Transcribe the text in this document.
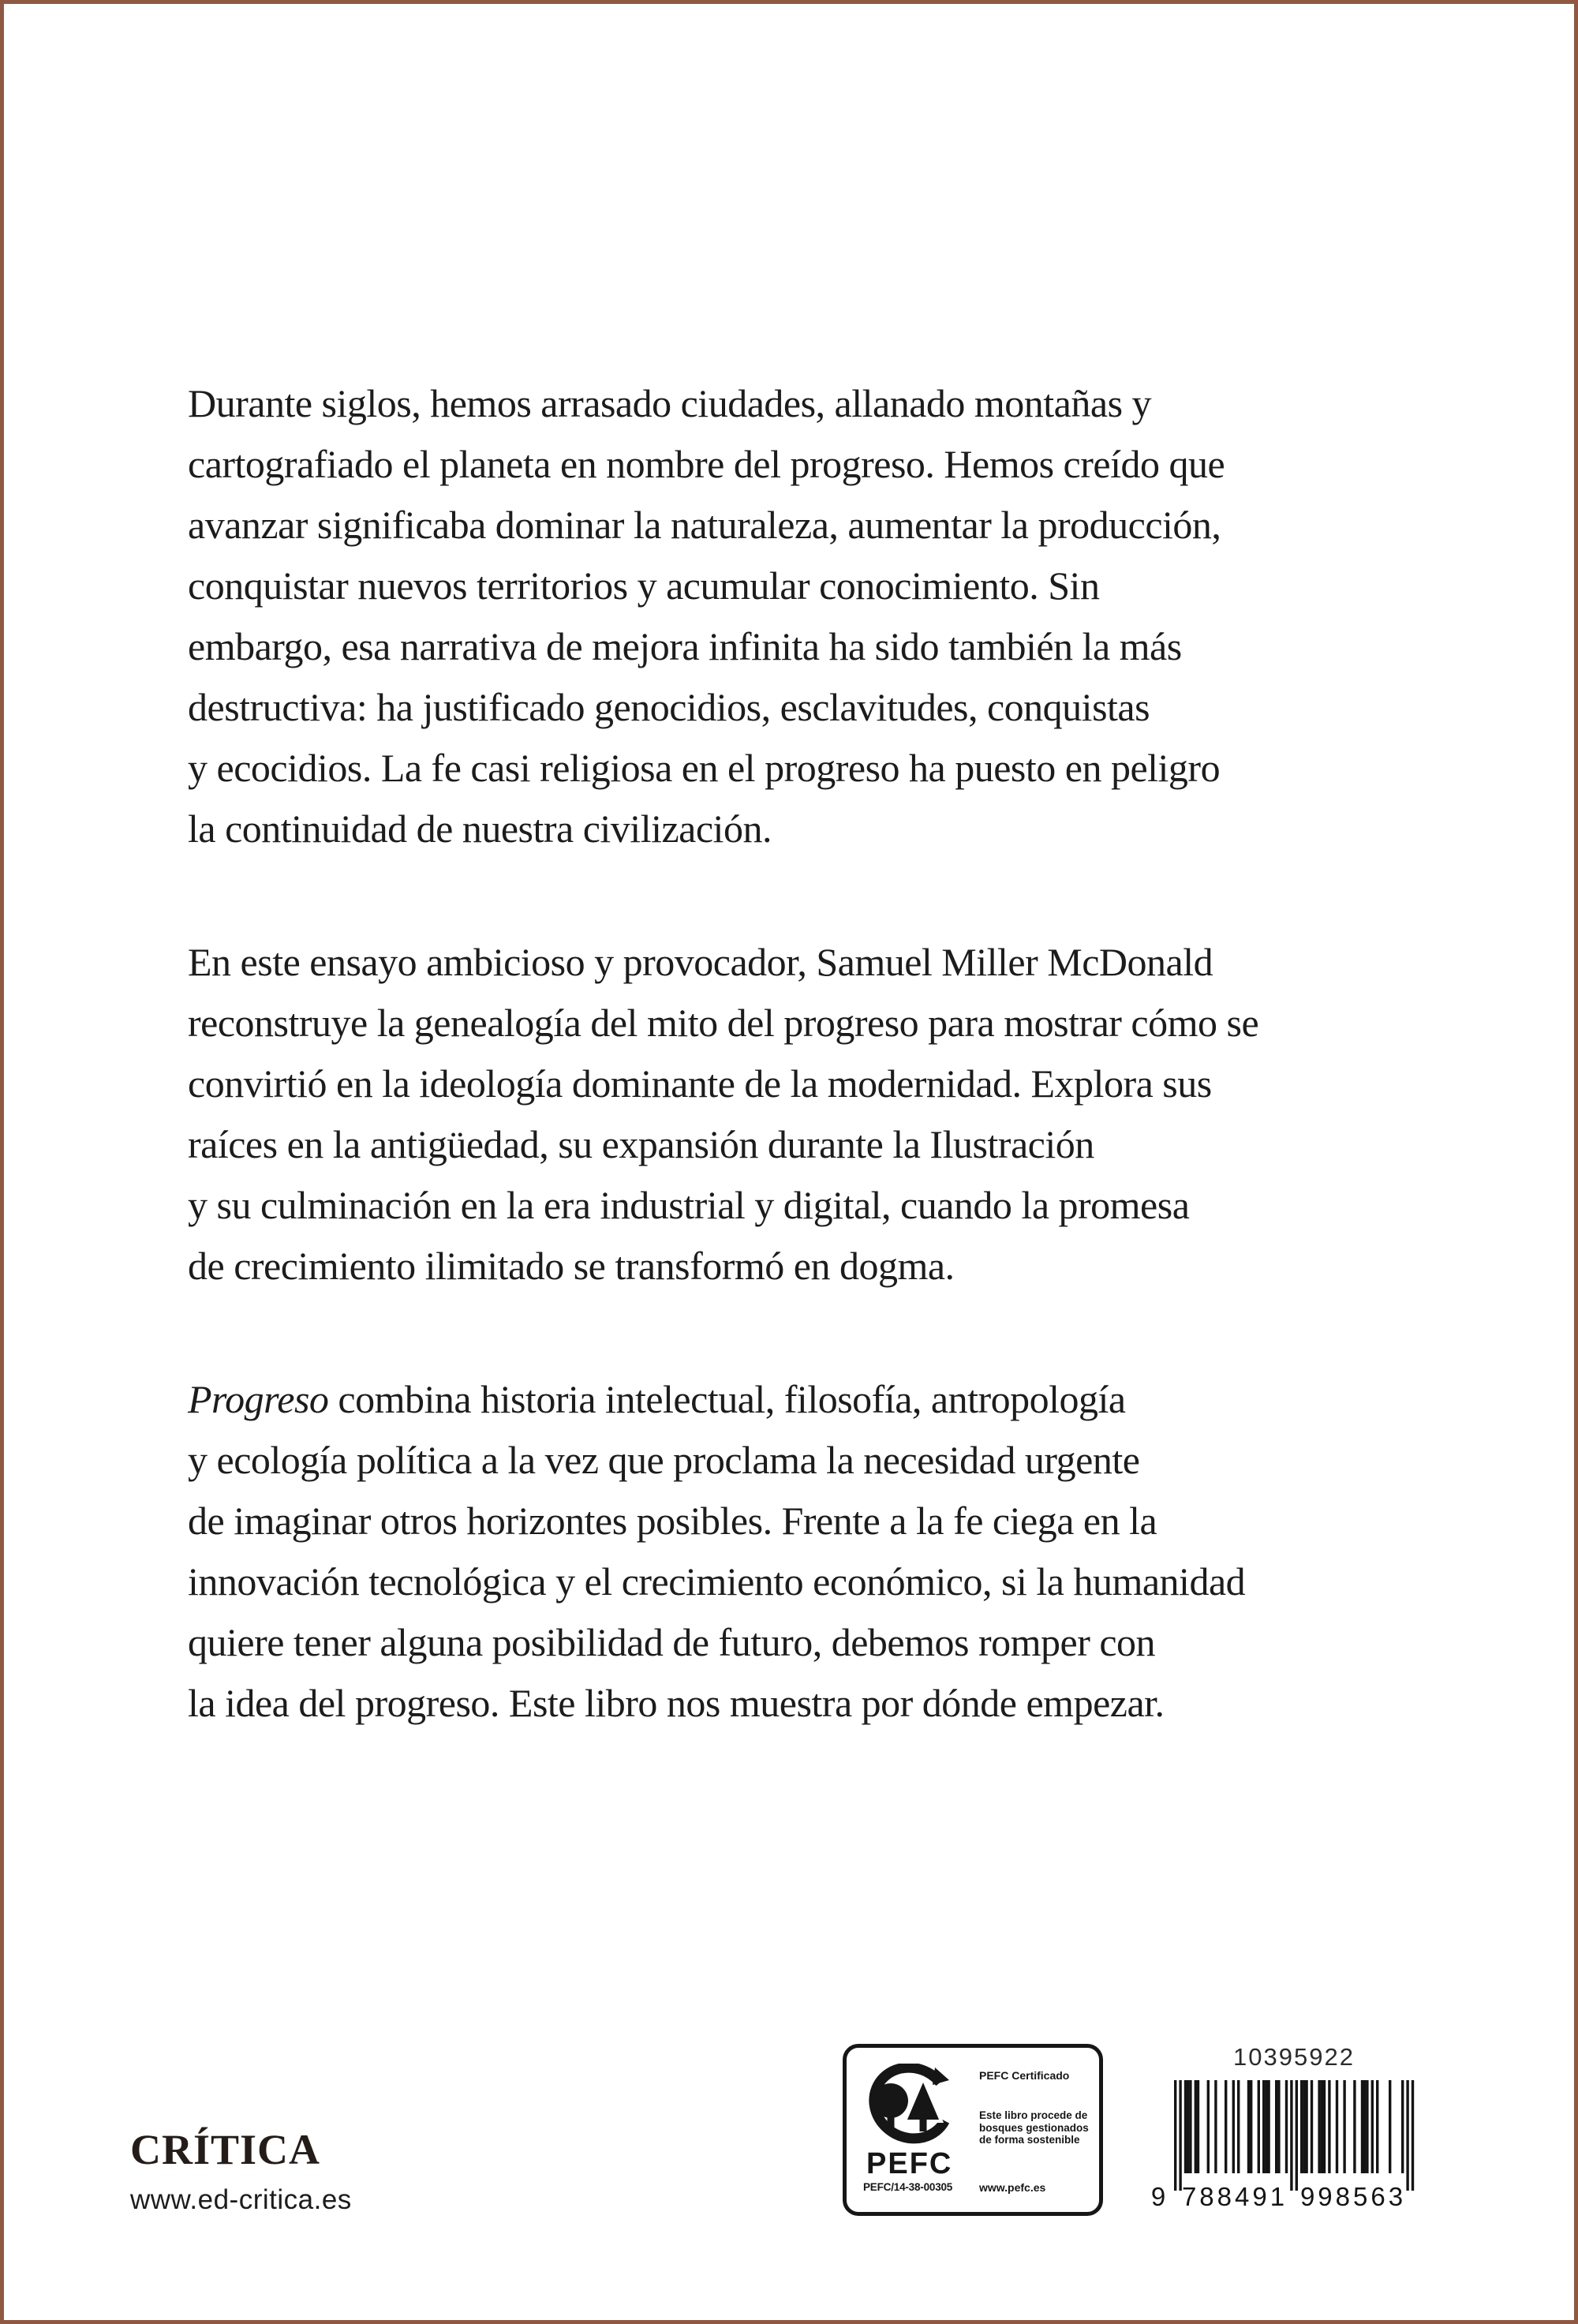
Durante siglos, hemos arrasado ciudades, allanado montañas y
cartografiado el planeta en nombre del progreso. Hemos creído que
avanzar significaba dominar la naturaleza, aumentar la producción,
conquistar nuevos territorios y acumular conocimiento. Sin
embargo, esa narrativa de mejora infinita ha sido también la más
destructiva: ha justificado genocidios, esclavitudes, conquistas
y ecocidios. La fe casi religiosa en el progreso ha puesto en peligro
la continuidad de nuestra civilización.

En este ensayo ambicioso y provocador, Samuel Miller McDonald
reconstruye la genealogía del mito del progreso para mostrar cómo se
convirtió en la ideología dominante de la modernidad. Explora sus
raíces en la antigüedad, su expansión durante la Ilustración
y su culminación en la era industrial y digital, cuando la promesa
de crecimiento ilimitado se transformó en dogma.

Progreso combina historia intelectual, filosofía, antropología
y ecología política a la vez que proclama la necesidad urgente
de imaginar otros horizontes posibles. Frente a la fe ciega en la
innovación tecnológica y el crecimiento económico, si la humanidad
quiere tener alguna posibilidad de futuro, debemos romper con
la idea del progreso. Este libro nos muestra por dónde empezar.

CRÍTICA
www.ed-critica.es
PEFC
PEFC/14-38-00305
PEFC Certificado
Este libro procede de
bosques gestionados
de forma sostenible
www.pefc.es
10395922
9 788491 998563
